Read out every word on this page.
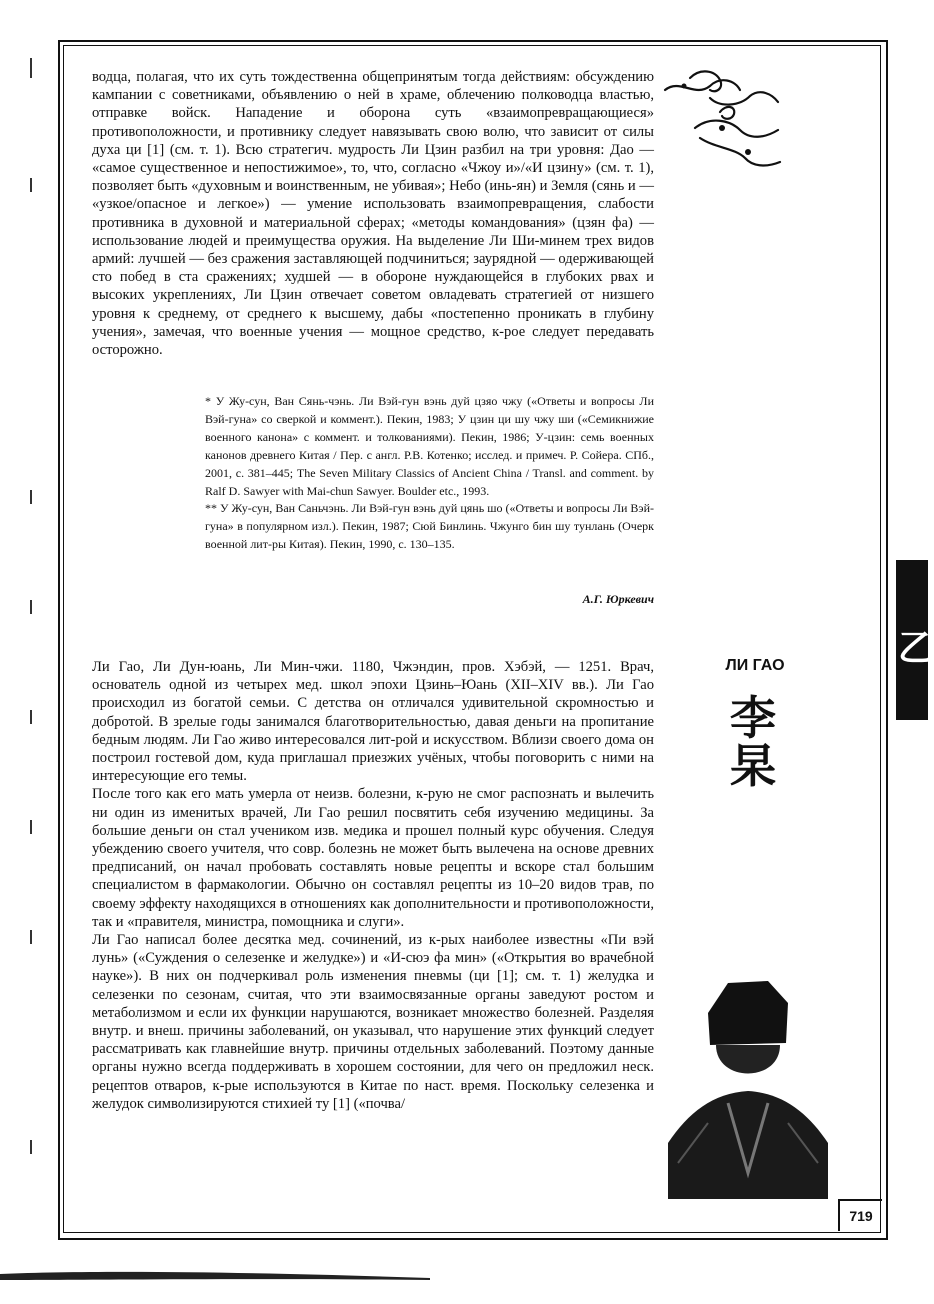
водца, полагая, что их суть тождественна общепринятым тогда действиям: обсуждению кампании с советниками, объявлению о ней в храме, облечению полководца властью, отправке войск. Нападение и оборона суть «взаимопревращающиеся» противоположности, и противнику следует навязывать свою волю, что зависит от силы духа ци [1] (см. т. 1). Всю стратегич. мудрость Ли Цзин разбил на три уровня: Дао — «самое существенное и непостижимое», то, что, согласно «Чжоу и»/«И цзину» (см. т. 1), позволяет быть «духовным и воинственным, не убивая»; Небо (инь-ян) и Земля (сянь и — «узкое/опасное и легкое») — умение использовать взаимопревращения, слабости противника в духовной и материальной сферах; «методы командования» (цзян фа) — использование людей и преимущества оружия. На выделение Ли Ши-минем трех видов армий: лучшей — без сражения заставляющей подчиниться; заурядной — одерживающей сто побед в ста сражениях; худшей — в обороне нуждающейся в глубоких рвах и высоких укреплениях, Ли Цзин отвечает советом овладевать стратегией от низшего уровня к среднему, от среднего к высшему, дабы «постепенно проникать в глубину учения», замечая, что военные учения — мощное средство, к-рое следует передавать осторожно.

* У Жу-сун, Ван Сянь-чэнь. Ли Вэй-гун вэнь дуй цзяо чжу («Ответы и вопросы Ли Вэй-гуна» со сверкой и коммент.). Пекин, 1983; У цзин ци шу чжу ши («Семикнижие военного канона» с коммент. и толкованиями). Пекин, 1986; У-цзин: семь военных канонов древнего Китая / Пер. с англ. Р.В. Котенко; исслед. и примеч. Р. Сойера. СПб., 2001, с. 381–445; The Seven Military Classics of Ancient China / Transl. and comment. by Ralf D. Sawyer with Mai-chun Sawyer. Boulder etc., 1993.

** У Жу-сун, Ван Саньчэнь. Ли Вэй-гун вэнь дуй цянь шо («Ответы и вопросы Ли Вэй-гуна» в популярном изл.). Пекин, 1987; Сюй Бинлинь. Чжунго бин шу тунлань (Очерк военной лит-ры Китая). Пекин, 1990, с. 130–135.

А.Г. Юркевич

Ли Гао, Ли Дун-юань, Ли Мин-чжи. 1180, Чжэндин, пров. Хэбэй, — 1251. Врач, основатель одной из четырех мед. школ эпохи Цзинь–Юань (XII–XIV вв.). Ли Гао происходил из богатой семьи. С детства он отличался удивительной скромностью и добротой. В зрелые годы занимался благотворительностью, давая деньги на пропитание бедным людям. Ли Гао живо интересовался лит-рой и искусством. Вблизи своего дома он построил гостевой дом, куда приглашал приезжих учёных, чтобы поговорить с ними на интересующие его темы.

После того как его мать умерла от неизв. болезни, к-рую не смог распознать и вылечить ни один из именитых врачей, Ли Гао решил посвятить себя изучению медицины. За большие деньги он стал учеником изв. медика и прошел полный курс обучения. Следуя убеждению своего учителя, что совр. болезнь не может быть вылечена на основе древних предписаний, он начал пробовать составлять новые рецепты и вскоре стал большим специалистом в фармакологии. Обычно он составлял рецепты из 10–20 видов трав, по своему эффекту находящихся в отношениях как дополнительности и противоположности, так и «правителя, министра, помощника и слуги».

Ли Гао написал более десятка мед. сочинений, из к-рых наиболее известны «Пи вэй лунь» («Суждения о селезенке и желудке») и «И-сюэ фа мин» («Открытия во врачебной науке»). В них он подчеркивал роль изменения пневмы (ци [1]; см. т. 1) желудка и селезенки по сезонам, считая, что эти взаимосвязанные органы заведуют ростом и метаболизмом и если их функции нарушаются, возникает множество болезней. Разделяя внутр. и внеш. причины заболеваний, он указывал, что нарушение этих функций следует рассматривать как главнейшие внутр. причины отдельных заболеваний. Поэтому данные органы нужно всегда поддерживать в хорошем состоянии, для чего он предложил неск. рецептов отваров, к-рые используются в Китае по наст. время. Поскольку селезенка и желудок символизируются стихией ту [1] («почва/

ЛИ ГАО
李
杲
乙
719
